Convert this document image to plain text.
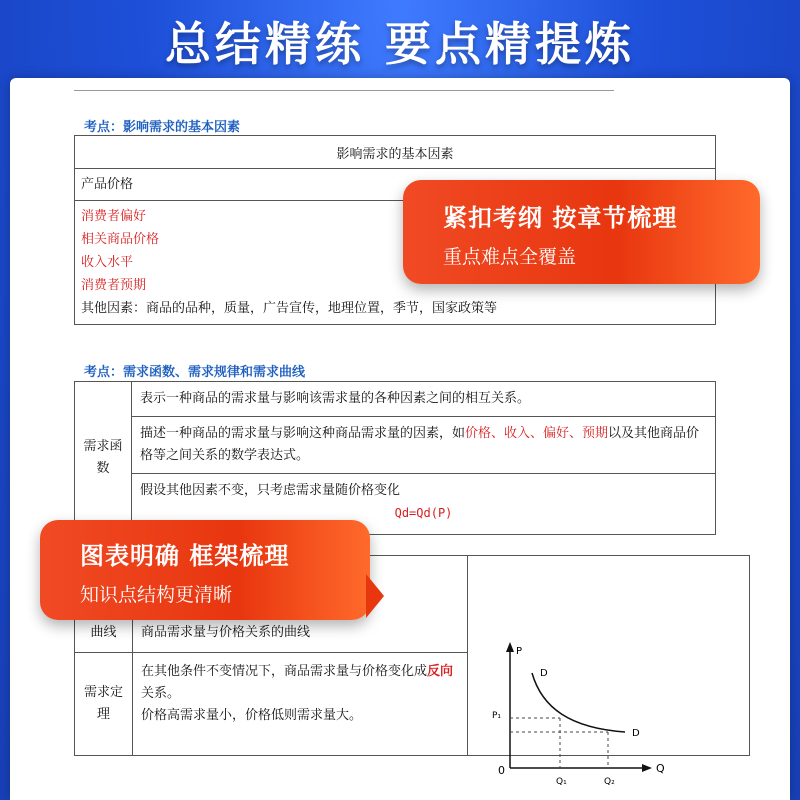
总结精练 要点精提炼
考点：影响需求的基本因素
影响需求的基本因素
产品价格

消费者偏好
相关商品价格
收入水平
消费者预期
其他因素：商品的品种，质量，广告宣传，地理位置，季节，国家政策等
考点：需求函数、需求规律和需求曲线
需求函数	表示一种商品的需求量与影响该需求量的各种因素之间的相互关系。
描述一种商品的需求量与影响这种商品需求量的因素，如价格、收入、偏好、预期以及其他商品价格等之间关系的数学表达式。

假设其他因素不变，只考虑需求量随价格变化
Qd=Qd(P)
曲线	商品需求量与价格关系的曲线	
需求定理	在其他条件不变情况下，商品需求量与价格变化成反向关系。
价格高需求量小，价格低则需求量大。	
P
Q
0
D
D
P₁
Q₁	Q₂
紧扣考纲 按章节梳理
重点难点全覆盖
图表明确 框架梳理
知识点结构更清晰
